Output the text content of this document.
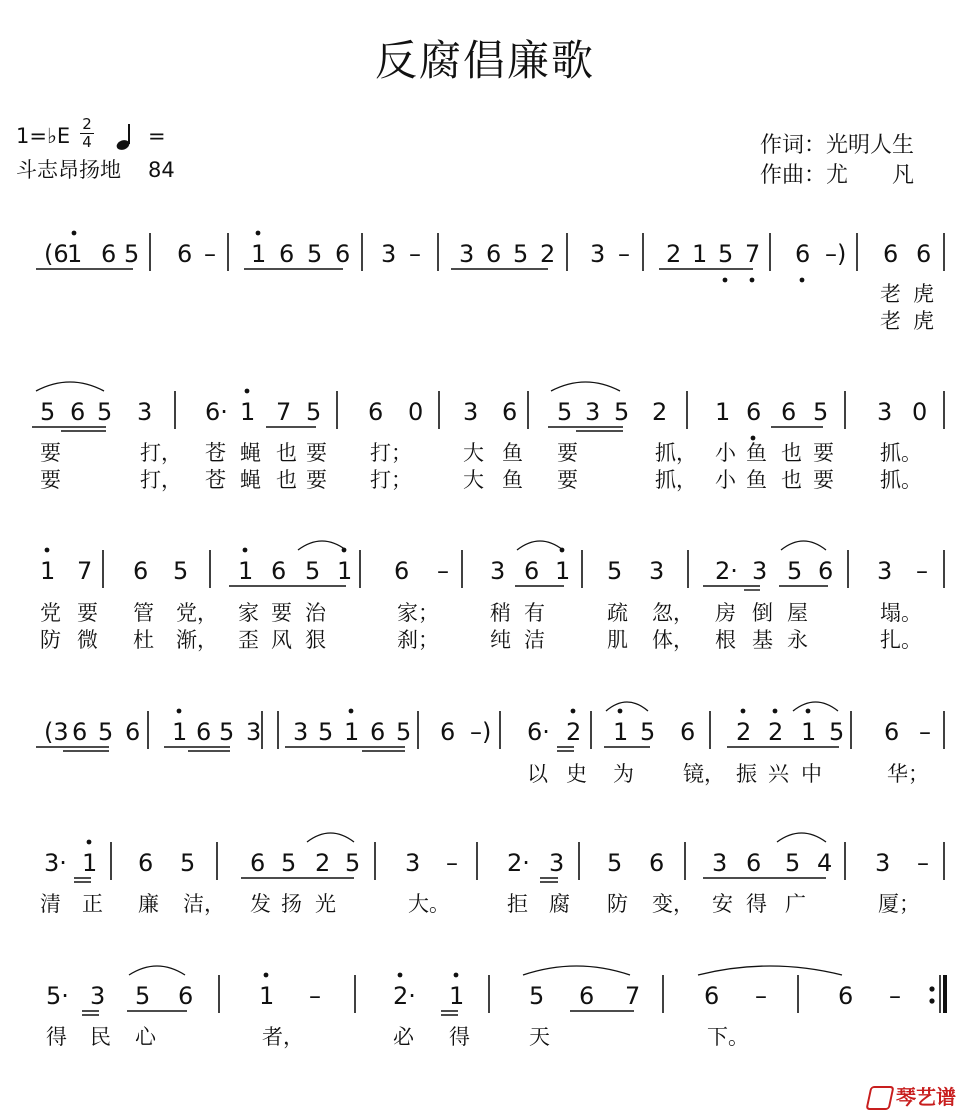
反腐倡廉歌
1=♭E 2
4	= 84
斗志昂扬地
作词：光明人生
作曲：尤　　凡
(6
1 6 5 6 – 1 6 5 6 3 – 3 6 5 2 3 – 2 1 5 7 6 –) 6 6
老 虎
老 虎
5 6 5 3 6· 1 7 5 6 0 3 6 5 3 5 2 1 6 6 5 3 0
要	打， 苍 蝇 也 要 打； 大 鱼 要	抓， 小 鱼 也 要 抓。
要	打， 苍 蝇 也 要 打； 大 鱼 要	抓， 小 鱼 也 要 抓。
1 7 6 5 1 6 5 1 6 – 3 6 1 5 3 2· 3 5 6 3 –
党 要 管 党， 家 要 治	家； 稍 有	疏 忽， 房 倒 屋	塌。
防 微 杜 渐， 歪 风 狠	刹； 纯 洁	肌 体， 根 基 永	扎。
(3 6 5 6 1 6 5 3 3 5 1 6 5 6 –) 6· 2 1 5 6 2 2 1 5 6 –
以 史 为 镜， 振 兴 中	华；
3· 1 6 5 6 5 2 5 3 – 2· 3 5 6 3 6 5 4 3 –
清 正 廉 洁， 发 扬 光	大。	拒 腐 防 变， 安 得 广	厦；
5· 3 5 6	1 –	2· 1	5 6 7	6 –	6 –
得 民 心	者，	必 得	天	下。
琴艺谱
